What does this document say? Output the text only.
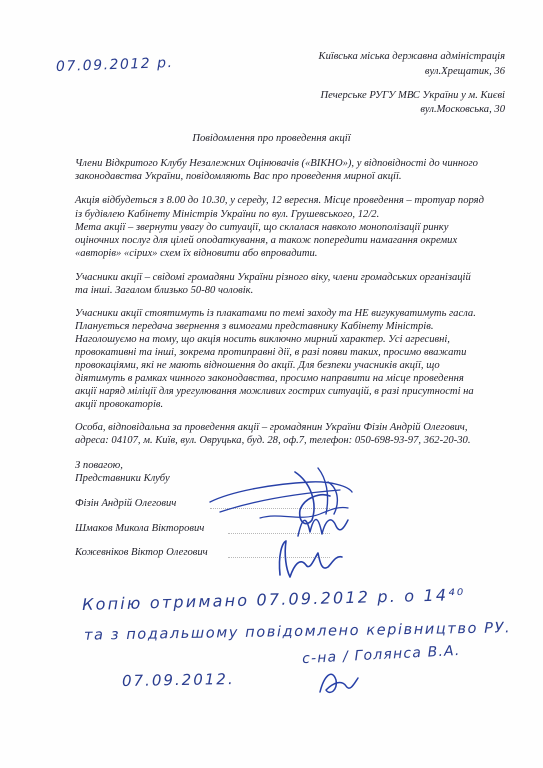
07.09.2012 р.	Київська міська державна адміністрація
вул.Хрещатик, 36
Печерське РУГУ МВС України у м. Києві
вул.Московська, 30
Повідомлення про проведення акції
Члени Відкритого Клубу Незалежних Оцінювачів («ВІКНО»), у відповідності до чинного
законодавства України, повідомляють Вас про проведення мирної акції.
Акція відбудеться з 8.00 до 10.30, у середу, 12 вересня. Місце проведення – тротуар поряд
із будівлею Кабінету Міністрів України по вул. Грушевського, 12/2.
Мета акції – звернути увагу до ситуації, що склалася навколо монополізації ринку
оціночних послуг для цілей оподаткування, а також попередити намагання окремих
«авторів» «сірих» схем їх відновити або впровадити.
Учасники акції – свідомі громадяни України різного віку, члени громадських організацій
та інші. Загалом близько 50-80 чоловік.
Учасники акції стоятимуть із плакатами по темі заходу та НЕ вигукуватимуть гасла.
Планується передача звернення з вимогами представнику Кабінету Міністрів.
Наголошуємо на тому, що акція носить виключно мирний характер. Усі агресивні,
провокативні та інші, зокрема протиправні дії, в разі появи таких, просимо вважати
провокаціями, які не мають відношення до акції. Для безпеки учасників акції, що
діятимуть в рамках чинного законодавства, просимо направити на місце проведення
акції наряд міліції для урегулювання можливих гострих ситуацій, в разі присутності на
акції провокаторів.
Особа, відповідальна за проведення акції – громадянин України Фізін Андрій Олегович,
адреса: 04107, м. Київ, вул. Овруцька, буд. 28, оф.7, телефон: 050-698-93-97, 362-20-30.
З повагою,
Представники Клубу
Фізін Андрій Олегович
Шмаков Микола Вікторович
Кожевніков Віктор Олегович
Копію отримано 07.09.2012 р. о 14⁴⁰
та з подальшому повідомлено керівництво РУ.
с-на / Голянса В.А.
07.09.2012.
